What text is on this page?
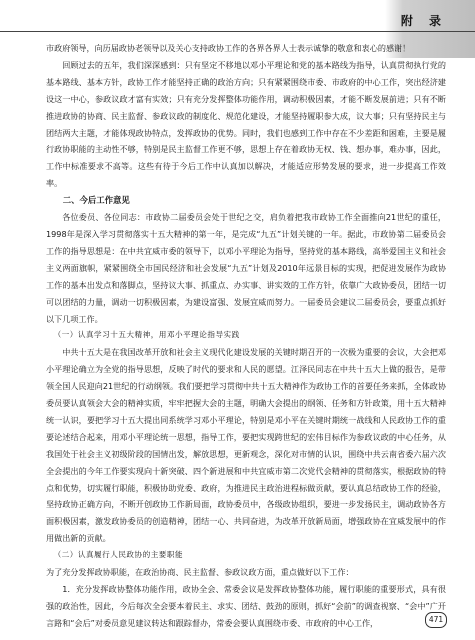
附 录

市政府领导，向历届政协老领导以及关心支持政协工作的各界各界人士表示诚挚的敬意和衷心的感谢！

回顾过去的五年，我们深深感到：只有坚定不移地以邓小平理论和党的基本路线为指导，认真贯彻执行党的基本路线、基本方针，政协工作才能坚持正确的政治方向；只有紧紧围绕市委、市政府的中心工作，突出经济建设这一中心，参政议政才富有实效；只有充分发挥整体功能作用，调动积极因素，才能不断发展前进；只有不断推进政协的协商、民主监督、参政议政的制度化、规范化建设，才能坚持履职参大成，议大事；只有坚持民主与团结两大主题，才能体现政协特点，发挥政协的优势。同时，我们也感到工作中存在不少差距和困难，主要是履行政协职能的主动性不够，特别是民主监督工作更不够，思想上存在着政协无权、钱、想办事，难办事，因此，工作中标准要求不高等。这些有待于今后工作中认真加以解决，才能适应形势发展的要求，进一步提高工作效率。

二、今后工作意见

各位委员、各位同志：市政协二届委员会处于世纪之交，肩负着把我市政协工作全面推向21世纪的重任，1998年是深入学习贯彻落实十五大精神的第一年，是完成“九五”计划关键的一年。据此，市政协第二届委员会工作的指导思想是：在中共宜威市委的领导下，以邓小平理论为指导，坚持党的基本路线，高举爱国主义和社会主义两面旗帜，紧紧围绕全市国民经济和社会发展“九五”计划及2010年远景目标的实现，把促进发展作为政协工作的基本出发点和落脚点，坚持议大事、抓重点、办实事、讲实效的工作方针，依靠广大政协委员，团结一切可以团结的力量，调动一切积极因素，为建设富强、发展宜威而努力。一届委员会建议二届委员会，要重点抓好以下几项工作。

（一）认真学习十五大精神，用邓小平理论指导实践

中共十五大是在我国改革开放和社会主义现代化建设发展的关键时期召开的一次极为重要的会议，大会把邓小平理论确立为全党的指导思想，反映了时代的要求和人民的愿望。江泽民同志在中共十五大上做的报告，是带领全国人民迎向21世纪的行动纲领。我们要把学习贯彻中共十五大精神作为政协工作的首要任务来抓，全体政协委员要认真领会大会的精神实质，牢牢把握大会的主题，明确大会提出的纲领、任务和方针政策，用十五大精神统一认识，要把学习十五大提出同系统学习邓小平理论，特别是邓小平在关键时期统一战线和人民政协工作的重要论述结合起来，用邓小平理论统一思想，指导工作，要把实现跨世纪的宏伟目标作为参政议政的中心任务，从我国处于社会主义初级阶段的国情出发，解放思想，更新观念，深化对市情的认识，围绕中共云南省委六届六次全会提出的今年工作要实现向十新突破、四个新进展和中共宜威市第二次党代会精神的贯彻落实，根据政协的特点和优势，切实履行职能，积极协助党委、政府，为推进民主政治进程标做贡献，要认真总结政协工作的经验，坚持政协正确方向，不断开创政协工作新局面，政协委员中，各级政协组织，要进一步发扬民主，调动政协各方面积极因素，激发政协委员的创造精神，团结一心、共同奋进，为改革开放新局面，增强政协在宜威发展中的作用做出新的贡献。

（二）认真履行人民政协的主要职能

为了充分发挥政协职能，在政治协商、民主监督、参政议政方面，重点做好以下工作：

1．充分发挥政协整体功能作用，政协全会、常委会议是发挥政协整体功能，履行职能的重要形式，具有很强的政治性，因此，今后每次全会要本着民主、求实、团结、鼓劲的原则，抓好“会前”的调查视察、“会中”广开言路和“会后”对委员意见建议转达和跟踪督办，常委会要认真围绕市委、市政府的中心工作，	471
